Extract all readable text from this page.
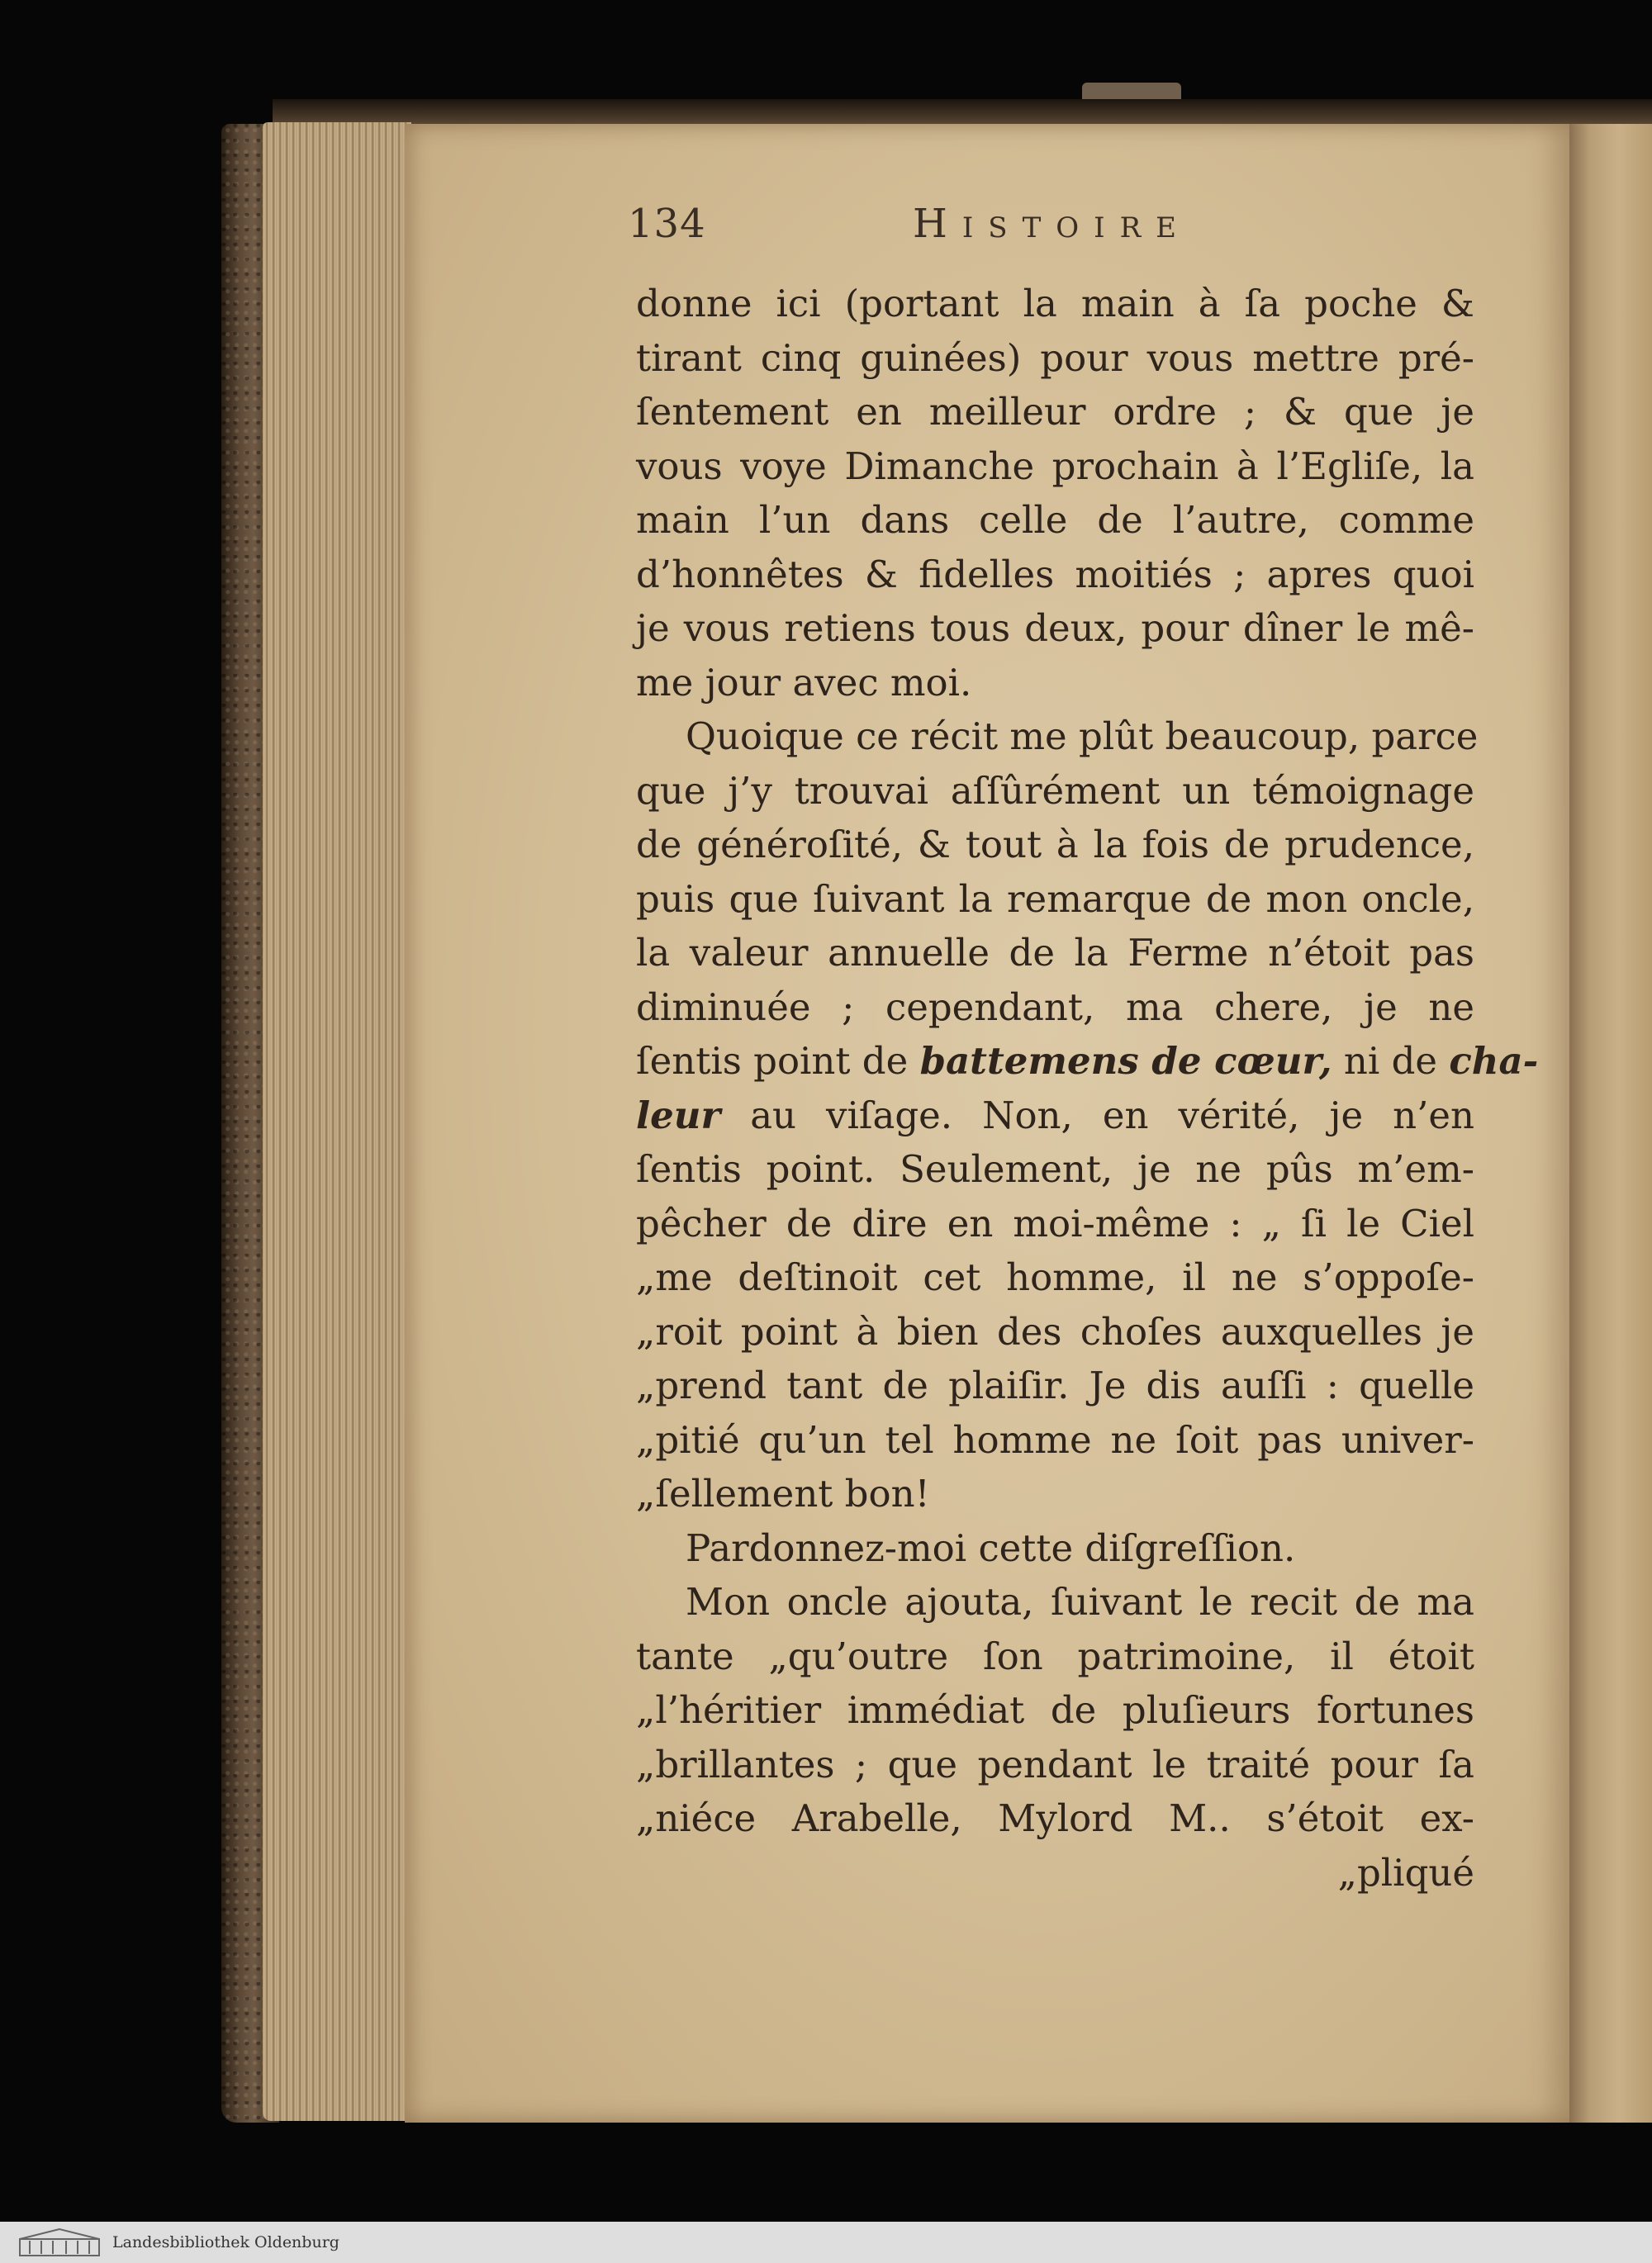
134	Histoire
donne ici (portant la main à ſa poche &
tirant cinq guinées) pour vous mettre pré-
ſentement en meilleur ordre ; & que je
vous voye Dimanche prochain à l’Egliſe, la
main l’un dans celle de l’autre, comme
d’honnêtes & fidelles moitiés ; apres quoi
je vous retiens tous deux, pour dîner le mê-
me jour avec moi.
Quoique ce récit me plût beaucoup, parce
que j’y trouvai aſſûrément un témoignage
de généroſité, & tout à la fois de prudence,
puis que ſuivant la remarque de mon oncle,
la valeur annuelle de la Ferme n’étoit pas
diminuée ; cependant, ma chere, je ne
ſentis point de battemens de cœur, ni de cha-
leur au viſage. Non, en vérité, je n’en
ſentis point. Seulement, je ne pûs m’em-
pêcher de dire en moi-même : „ ſi le Ciel
„me deſtinoit cet homme, il ne s’oppoſe-
„roit point à bien des choſes auxquelles je
„prend tant de plaiſir. Je dis auſſi : quelle
„pitié qu’un tel homme ne ſoit pas univer-
„ſellement bon!
Pardonnez-moi cette diſgreſſion.
Mon oncle ajouta, ſuivant le recit de ma
tante „qu’outre ſon patrimoine, il étoit
„l’héritier immédiat de pluſieurs fortunes
„brillantes ; que pendant le traité pour ſa
„niéce Arabelle, Mylord M.. s’étoit ex-
„pliqué
Landesbibliothek Oldenburg
